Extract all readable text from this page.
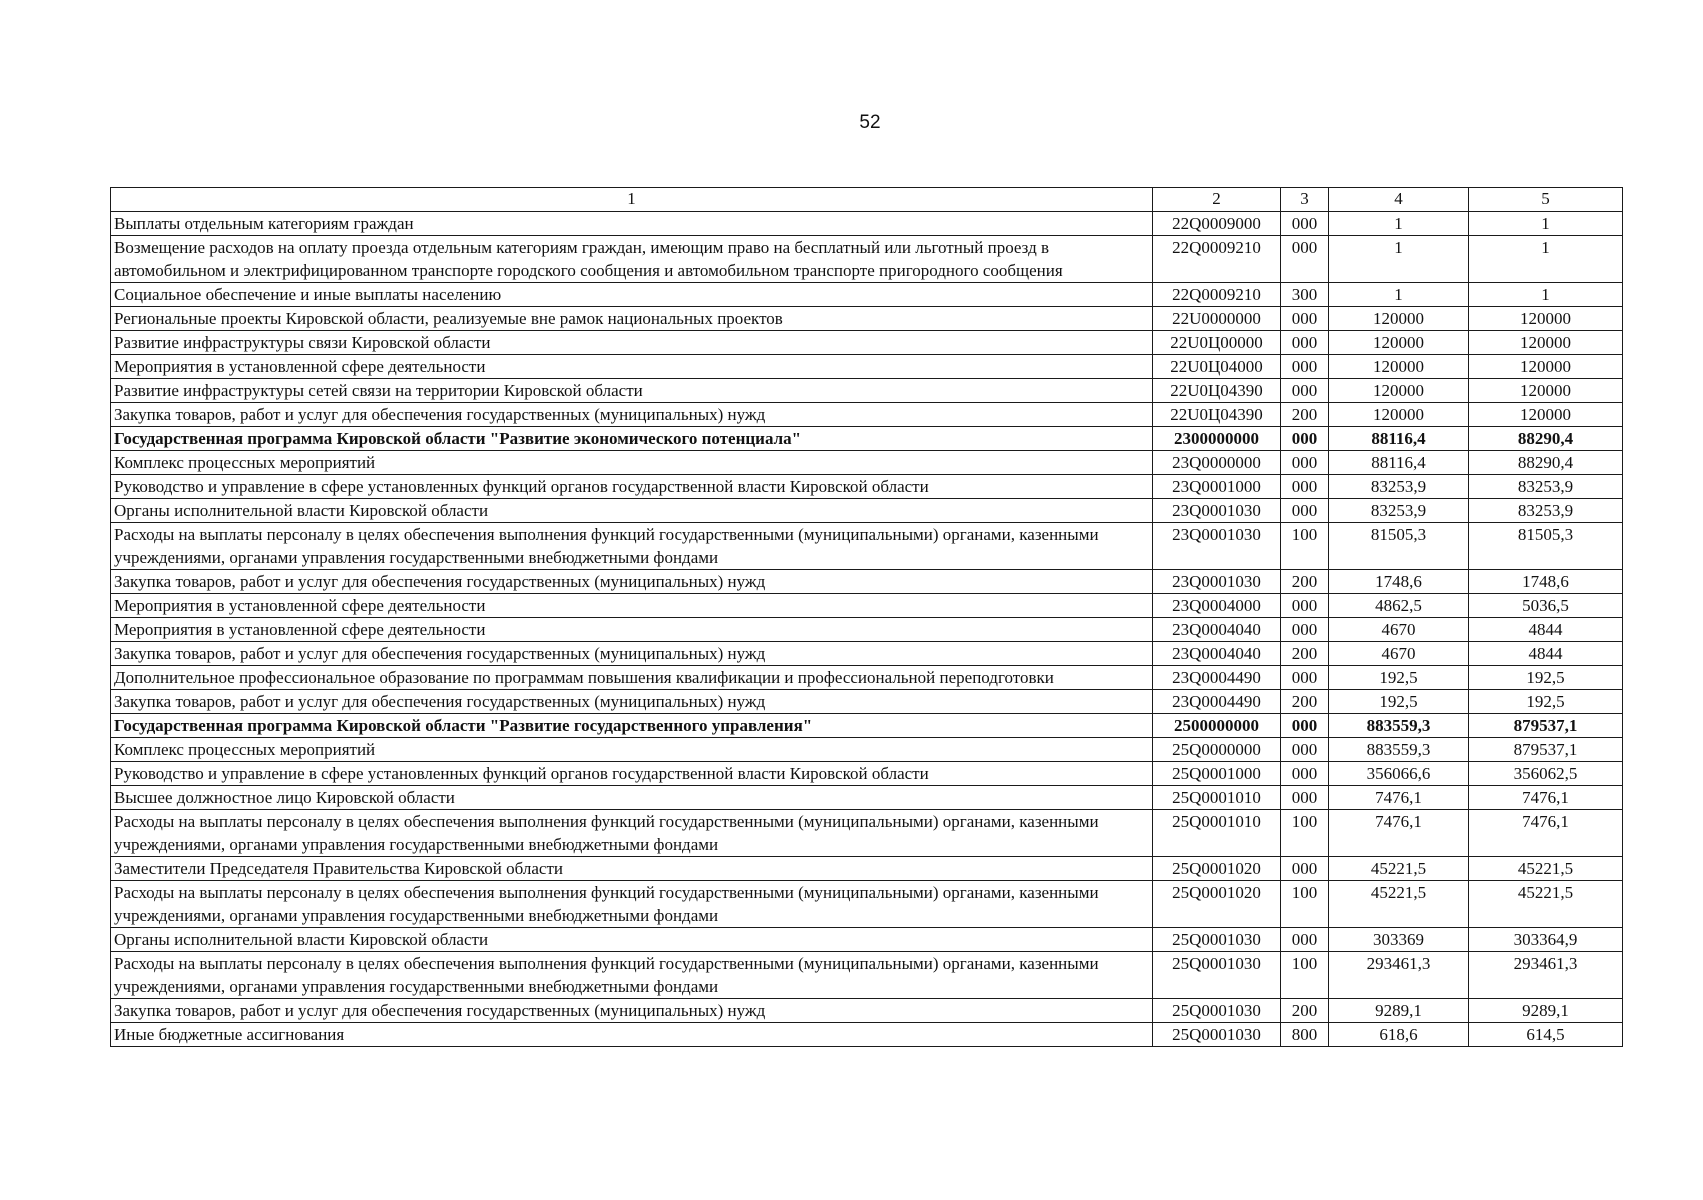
52
1	2	3	4	5
Выплаты отдельным категориям граждан	22Q0009000	000	1	1
Возмещение расходов на оплату проезда отдельным категориям граждан, имеющим право на бесплатный или льготный проезд в автомобильном и электрифицированном транспорте городского сообщения и автомобильном транспорте пригородного сообщения	22Q0009210	000	1	1
Социальное обеспечение и иные выплаты населению	22Q0009210	300	1	1
Региональные проекты Кировской области, реализуемые вне рамок национальных проектов	22U0000000	000	120000	120000
Развитие инфраструктуры связи Кировской области	22U0Ц00000	000	120000	120000
Мероприятия в установленной сфере деятельности	22U0Ц04000	000	120000	120000
Развитие инфраструктуры сетей связи на территории Кировской области	22U0Ц04390	000	120000	120000
Закупка товаров, работ и услуг для обеспечения государственных (муниципальных) нужд	22U0Ц04390	200	120000	120000
Государственная программа Кировской области "Развитие экономического потенциала"	2300000000	000	88116,4	88290,4
Комплекс процессных мероприятий	23Q0000000	000	88116,4	88290,4
Руководство и управление в сфере установленных функций органов государственной власти Кировской области	23Q0001000	000	83253,9	83253,9
Органы исполнительной власти Кировской области	23Q0001030	000	83253,9	83253,9
Расходы на выплаты персоналу в целях обеспечения выполнения функций государственными (муниципальными) органами, казенными учреждениями, органами управления государственными внебюджетными фондами	23Q0001030	100	81505,3	81505,3
Закупка товаров, работ и услуг для обеспечения государственных (муниципальных) нужд	23Q0001030	200	1748,6	1748,6
Мероприятия в установленной сфере деятельности	23Q0004000	000	4862,5	5036,5
Мероприятия в установленной сфере деятельности	23Q0004040	000	4670	4844
Закупка товаров, работ и услуг для обеспечения государственных (муниципальных) нужд	23Q0004040	200	4670	4844
Дополнительное профессиональное образование по программам повышения квалификации и профессиональной переподготовки	23Q0004490	000	192,5	192,5
Закупка товаров, работ и услуг для обеспечения государственных (муниципальных) нужд	23Q0004490	200	192,5	192,5
Государственная программа Кировской области "Развитие государственного управления"	2500000000	000	883559,3	879537,1
Комплекс процессных мероприятий	25Q0000000	000	883559,3	879537,1
Руководство и управление в сфере установленных функций органов государственной власти Кировской области	25Q0001000	000	356066,6	356062,5
Высшее должностное лицо Кировской области	25Q0001010	000	7476,1	7476,1
Расходы на выплаты персоналу в целях обеспечения выполнения функций государственными (муниципальными) органами, казенными учреждениями, органами управления государственными внебюджетными фондами	25Q0001010	100	7476,1	7476,1
Заместители Председателя Правительства Кировской области	25Q0001020	000	45221,5	45221,5
Расходы на выплаты персоналу в целях обеспечения выполнения функций государственными (муниципальными) органами, казенными учреждениями, органами управления государственными внебюджетными фондами	25Q0001020	100	45221,5	45221,5
Органы исполнительной власти Кировской области	25Q0001030	000	303369	303364,9
Расходы на выплаты персоналу в целях обеспечения выполнения функций государственными (муниципальными) органами, казенными учреждениями, органами управления государственными внебюджетными фондами	25Q0001030	100	293461,3	293461,3
Закупка товаров, работ и услуг для обеспечения государственных (муниципальных) нужд	25Q0001030	200	9289,1	9289,1
Иные бюджетные ассигнования	25Q0001030	800	618,6	614,5
